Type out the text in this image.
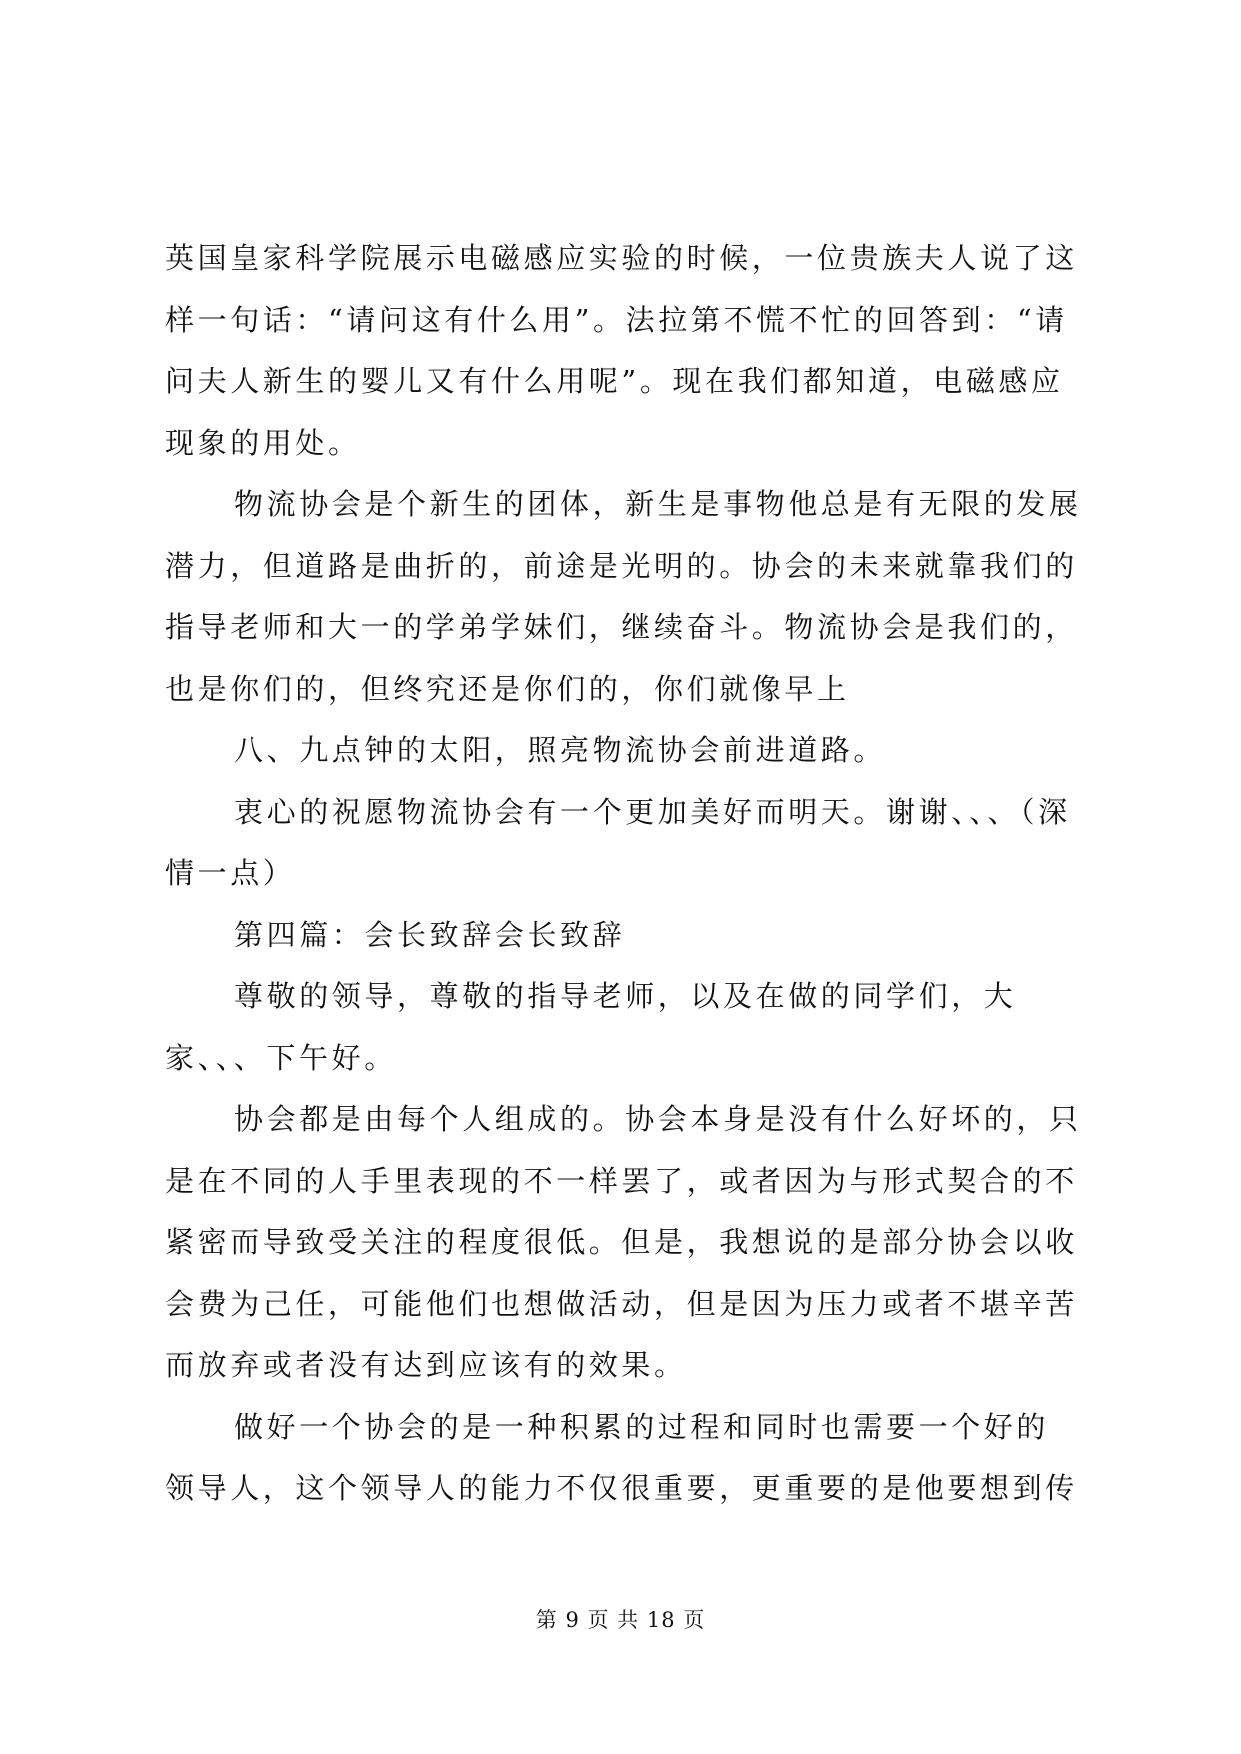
英国皇家科学院展示电磁感应实验的时候，一位贵族夫人说了这
样一句话：“请问这有什么用”。法拉第不慌不忙的回答到：“请
问夫人新生的婴儿又有什么用呢”。现在我们都知道，电磁感应
现象的用处。
物流协会是个新生的团体，新生是事物他总是有无限的发展
潜力，但道路是曲折的，前途是光明的。协会的未来就靠我们的
指导老师和大一的学弟学妹们，继续奋斗。物流协会是我们的，
也是你们的，但终究还是你们的，你们就像早上
八、九点钟的太阳，照亮物流协会前进道路。
衷心的祝愿物流协会有一个更加美好而明天。谢谢、、、（深
情一点）
第四篇：会长致辞会长致辞
尊敬的领导，尊敬的指导老师，以及在做的同学们，大
家、、、下午好。
协会都是由每个人组成的。协会本身是没有什么好坏的，只
是在不同的人手里表现的不一样罢了，或者因为与形式契合的不
紧密而导致受关注的程度很低。但是，我想说的是部分协会以收
会费为己任，可能他们也想做活动，但是因为压力或者不堪辛苦
而放弃或者没有达到应该有的效果。
做好一个协会的是一种积累的过程和同时也需要一个好的
领导人，这个领导人的能力不仅很重要，更重要的是他要想到传
第 9 页 共 18 页
